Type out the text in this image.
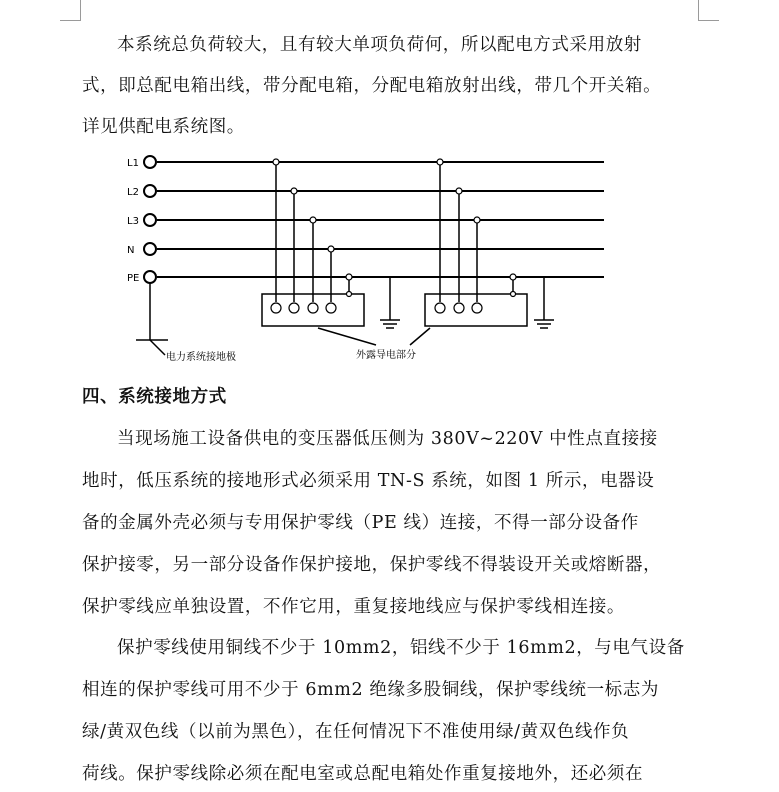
本系统总负荷较大，且有较大单项负荷何，所以配电方式采用放射
式，即总配电箱出线，带分配电箱，分配电箱放射出线，带几个开关箱。
详见供配电系统图。
L1
L2
L3
N
PE
电力系统接地极	外露导电部分
四、系统接地方式
当现场施工设备供电的变压器低压侧为 380V~220V 中性点直接接
地时，低压系统的接地形式必须采用 TN-S 系统，如图 1 所示，电器设
备的金属外壳必须与专用保护零线（PE 线）连接，不得一部分设备作
保护接零，另一部分设备作保护接地，保护零线不得装设开关或熔断器，
保护零线应单独设置，不作它用，重复接地线应与保护零线相连接。
保护零线使用铜线不少于 10mm2，铝线不少于 16mm2，与电气设备
相连的保护零线可用不少于 6mm2 绝缘多股铜线，保护零线统一标志为
绿/黄双色线（以前为黑色），在任何情况下不准使用绿/黄双色线作负
荷线。保护零线除必须在配电室或总配电箱处作重复接地外，还必须在
